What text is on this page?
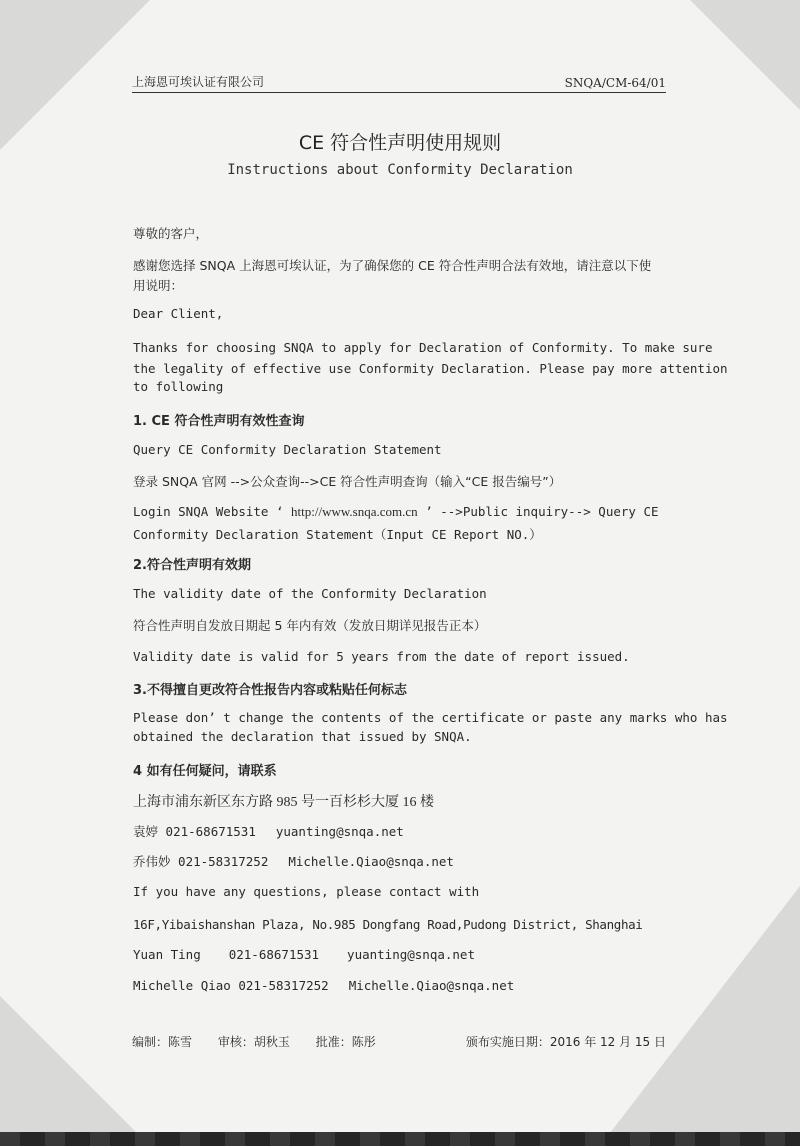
上海恩可埃认证有限公司	SNQA/CM-64/01
CE 符合性声明使用规则
Instructions about Conformity Declaration
尊敬的客户，
感谢您选择 SNQA 上海恩可埃认证，为了确保您的 CE 符合性声明合法有效地，请注意以下使
用说明：
Dear Client,
Thanks for choosing SNQA to apply for Declaration of Conformity. To make sure
the legality of effective use Conformity Declaration. Please pay more attention
to following
1. CE 符合性声明有效性查询
Query CE Conformity Declaration Statement
登录 SNQA 官网 -->公众查询-->CE 符合性声明查询（输入“CE 报告编号”）
Login SNQA Website ‘ http://www.snqa.com.cn ’ -->Public inquiry--> Query CE
Conformity Declaration Statement（Input CE Report NO.）
2.符合性声明有效期
The validity date of the Conformity Declaration
符合性声明自发放日期起 5 年内有效（发放日期详见报告正本）
Validity date is valid for 5 years from the date of report issued.
3.不得擅自更改符合性报告内容或粘贴任何标志
Please don’ t change the contents of the certificate or paste any marks who has
obtained the declaration that issued by SNQA.
4 如有任何疑问，请联系
上海市浦东新区东方路 985 号一百杉杉大厦 16 楼
袁婷 021-68671531 yuanting@snqa.net
乔伟妙 021-58317252 Michelle.Qiao@snqa.net
If you have any questions, please contact with
16F,Yibaishanshan Plaza, No.985 Dongfang Road,Pudong District, Shanghai
Yuan Ting 021-68671531 yuanting@snqa.net
Michelle Qiao 021-58317252 Michelle.Qiao@snqa.net
编制：陈雪 审核：胡秋玉 批准：陈彤	颁布实施日期：2016 年 12 月 15 日
